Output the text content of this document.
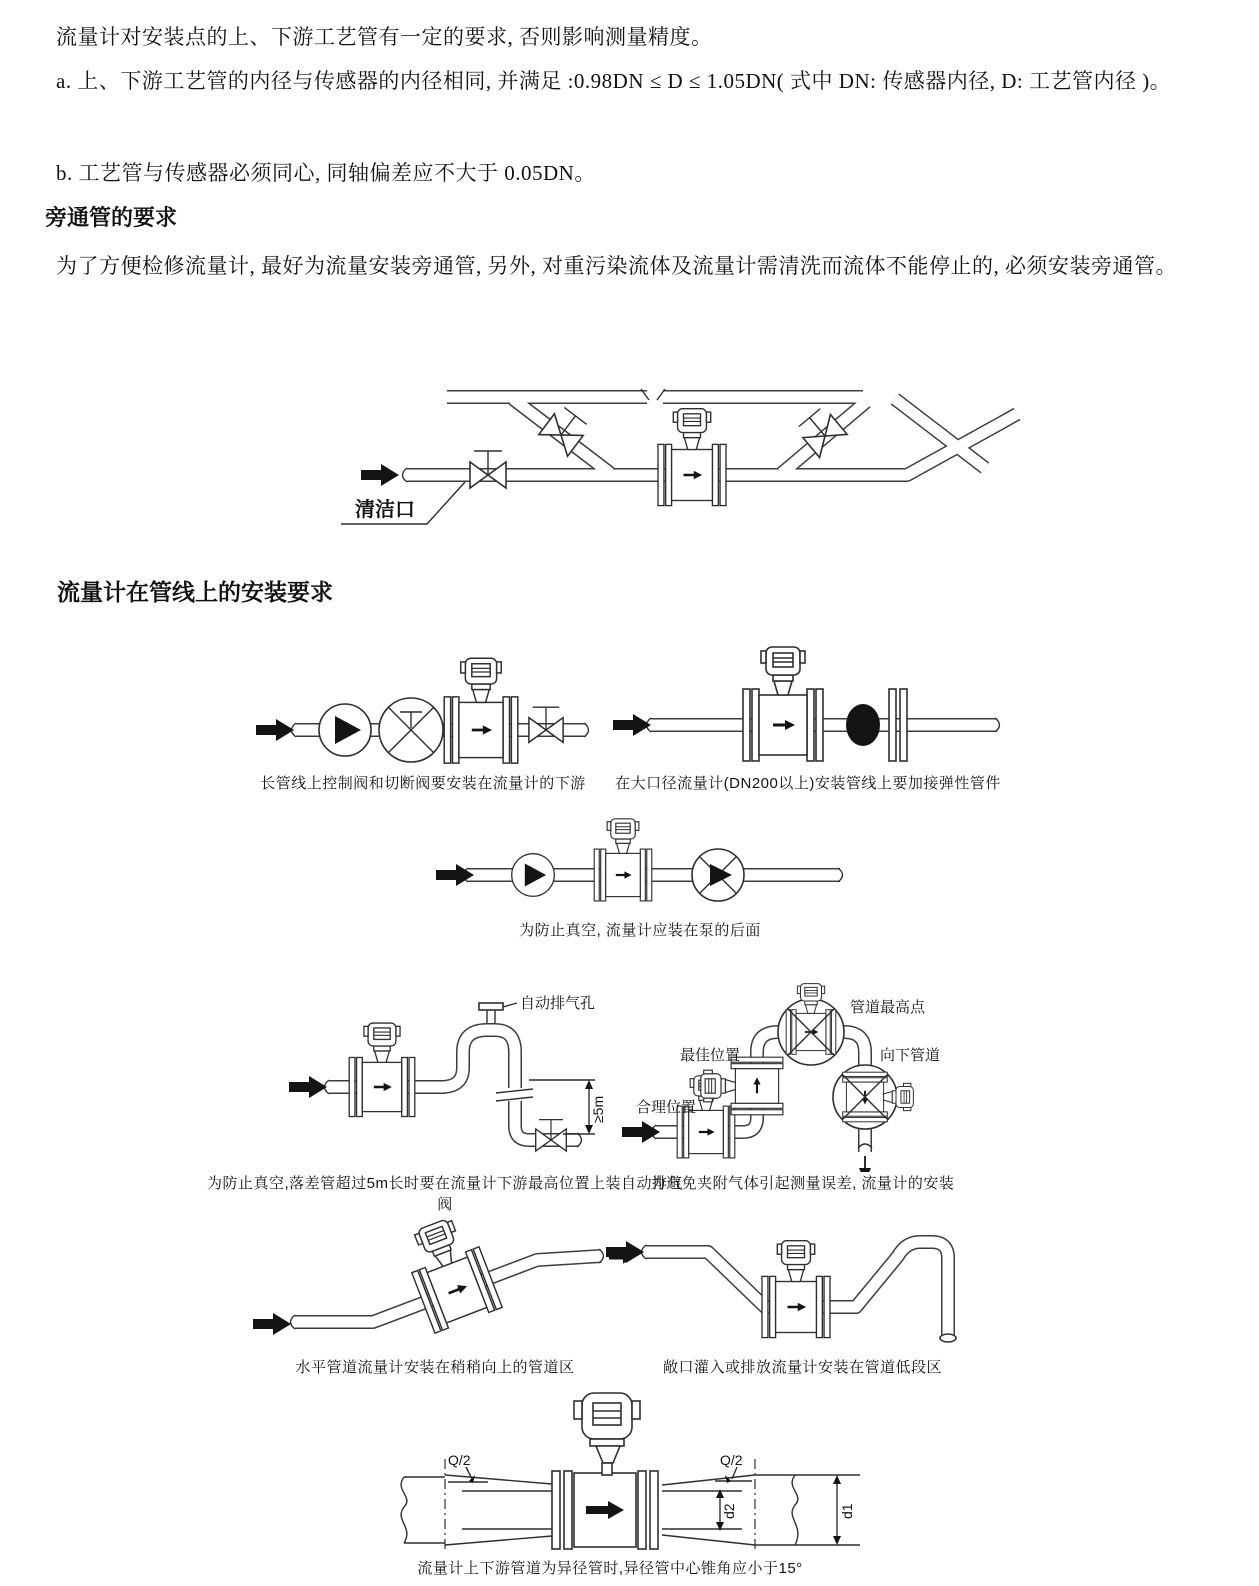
流量计对安装点的上、下游工艺管有一定的要求, 否则影响测量精度。

a. 上、下游工艺管的内径与传感器的内径相同, 并满足 :0.98DN ≤ D ≤ 1.05DN( 式中 DN: 传感器内径, D: 工艺管内径 )。

b. 工艺管与传感器必须同心, 同轴偏差应不大于 0.05DN。

旁通管的要求

为了方便检修流量计, 最好为流量安装旁通管, 另外, 对重污染流体及流量计需清洗而流体不能停止的, 必须安装旁通管。

清洁口
流量计在管线上的安装要求
长管线上控制阀和切断阀要安装在流量计的下游	在大口径流量计(DN200以上)安装管线上要加接弹性管件
为防止真空, 流量计应装在泵的后面
≥5m
自动排气孔
为防止真空,落差管超过5m长时要在流量计下游最高位置上装自动排气阀
合理位置
最佳位置
管道最高点
向下管道
为避免夹附气体引起测量误差, 流量计的安装
水平管道流量计安装在稍稍向上的管道区	敞口灌入或排放流量计安装在管道低段区
Q/2	Q/2
d2	d1
流量计上下游管道为异径管时,异径管中心锥角应小于15°
